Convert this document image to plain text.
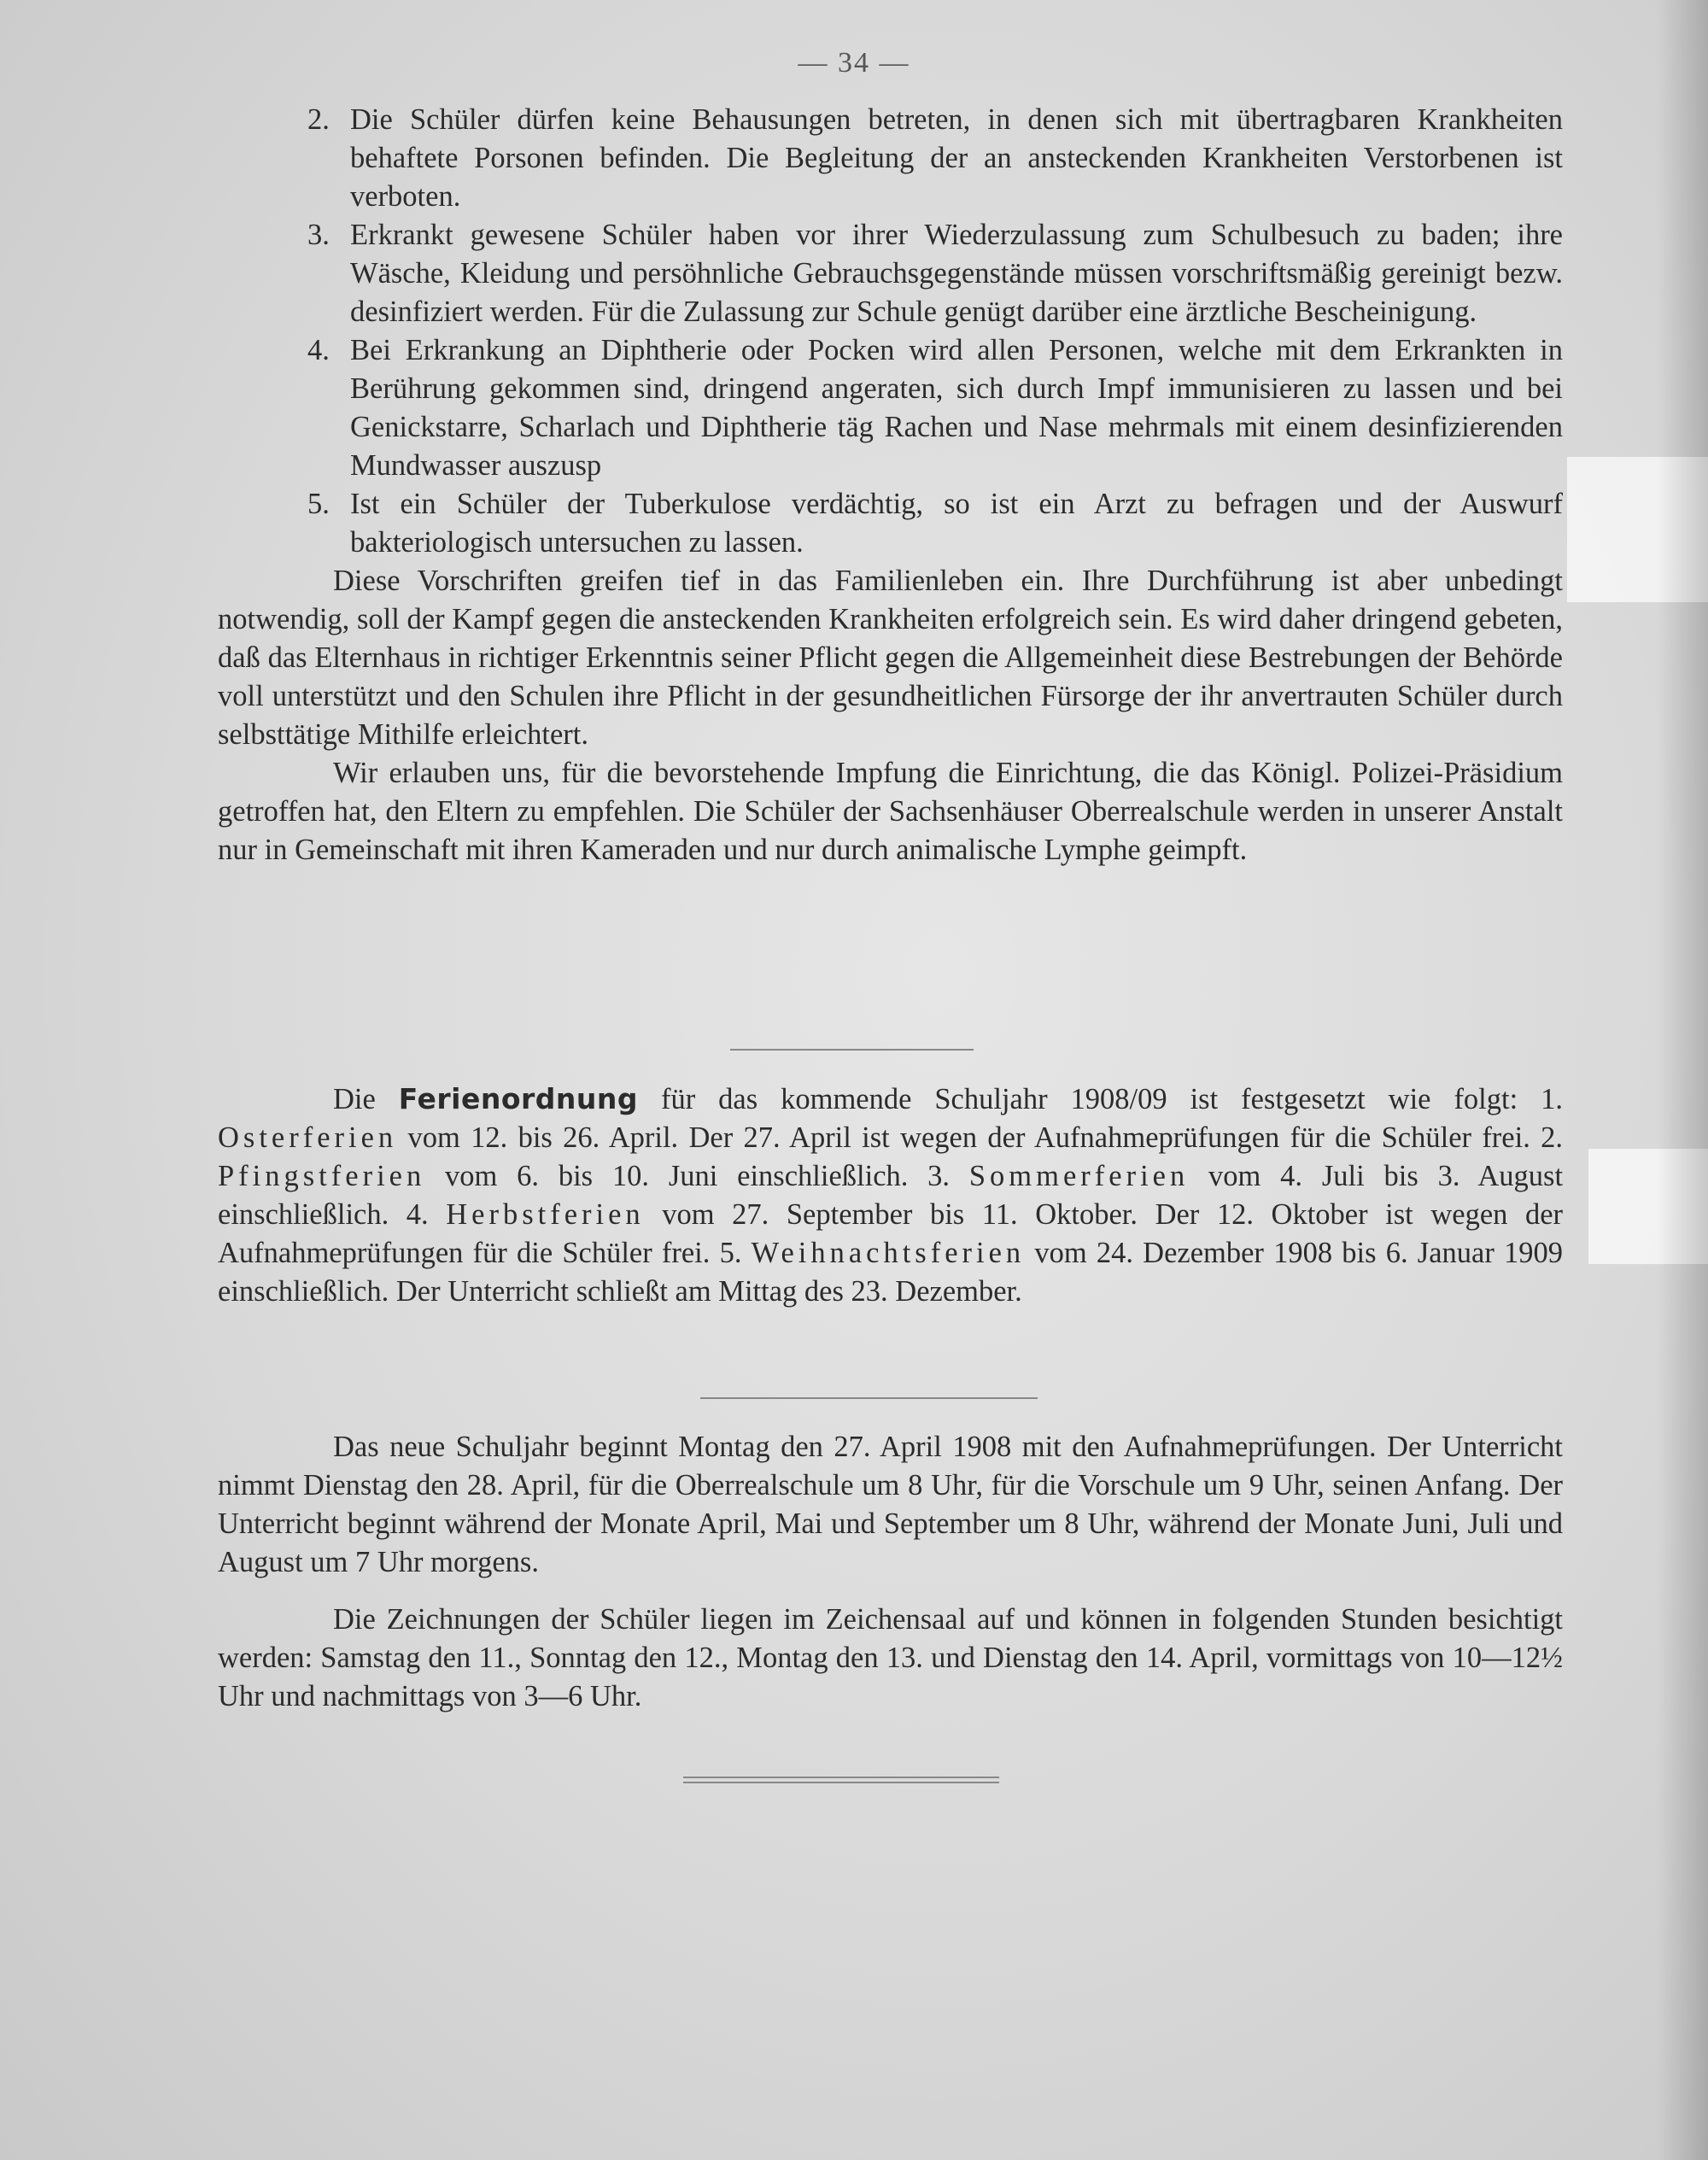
— 34 —
2. Die Schüler dürfen keine Behausungen betreten, in denen sich mit übertragbaren Krankheiten behaftete Porsonen befinden. Die Begleitung der an ansteckenden Krankheiten Verstorbenen ist verboten.
3. Erkrankt gewesene Schüler haben vor ihrer Wiederzulassung zum Schulbesuch zu baden; ihre Wäsche, Kleidung und persöhnliche Gebrauchsgegenstände müssen vorschriftsmäßig gereinigt bezw. desinfiziert werden. Für die Zulassung zur Schule genügt darüber eine ärztliche Bescheinigung.
4. Bei Erkrankung an Diphtherie oder Pocken wird allen Personen, welche mit dem Erkrankten in Berührung gekommen sind, dringend angeraten, sich durch Impf immunisieren zu lassen und bei Genickstarre, Scharlach und Diphtherie täg Rachen und Nase mehrmals mit einem desinfizierenden Mundwasser auszusp
5. Ist ein Schüler der Tuberkulose verdächtig, so ist ein Arzt zu befragen und der Auswurf bakteriologisch untersuchen zu lassen.

Diese Vorschriften greifen tief in das Familienleben ein. Ihre Durchführung ist aber unbedingt notwendig, soll der Kampf gegen die ansteckenden Krankheiten erfolgreich sein. Es wird daher dringend gebeten, daß das Elternhaus in richtiger Erkenntnis seiner Pflicht gegen die Allgemeinheit diese Bestrebungen der Behörde voll unterstützt und den Schulen ihre Pflicht in der gesundheitlichen Fürsorge der ihr anvertrauten Schüler durch selbsttätige Mithilfe erleichtert.

Wir erlauben uns, für die bevorstehende Impfung die Einrichtung, die das Königl. Polizei-Präsidium getroffen hat, den Eltern zu empfehlen. Die Schüler der Sachsenhäuser Oberrealschule werden in unserer Anstalt nur in Gemeinschaft mit ihren Kameraden und nur durch animalische Lymphe geimpft.

Die Ferienordnung für das kommende Schuljahr 1908/09 ist festgesetzt wie folgt: 1. Osterferien vom 12. bis 26. April. Der 27. April ist wegen der Aufnahmeprüfungen für die Schüler frei. 2. Pfingstferien vom 6. bis 10. Juni einschließlich. 3. Sommerferien vom 4. Juli bis 3. August einschließlich. 4. Herbstferien vom 27. September bis 11. Oktober. Der 12. Oktober ist wegen der Aufnahmeprüfungen für die Schüler frei. 5. Weihnachtsferien vom 24. Dezember 1908 bis 6. Januar 1909 einschließlich. Der Unterricht schließt am Mittag des 23. Dezember.

Das neue Schuljahr beginnt Montag den 27. April 1908 mit den Aufnahmeprüfungen. Der Unterricht nimmt Dienstag den 28. April, für die Oberrealschule um 8 Uhr, für die Vorschule um 9 Uhr, seinen Anfang. Der Unterricht beginnt während der Monate April, Mai und September um 8 Uhr, während der Monate Juni, Juli und August um 7 Uhr morgens.

Die Zeichnungen der Schüler liegen im Zeichensaal auf und können in folgenden Stunden besichtigt werden: Samstag den 11., Sonntag den 12., Montag den 13. und Dienstag den 14. April, vormittags von 10—12½ Uhr und nachmittags von 3—6 Uhr.
